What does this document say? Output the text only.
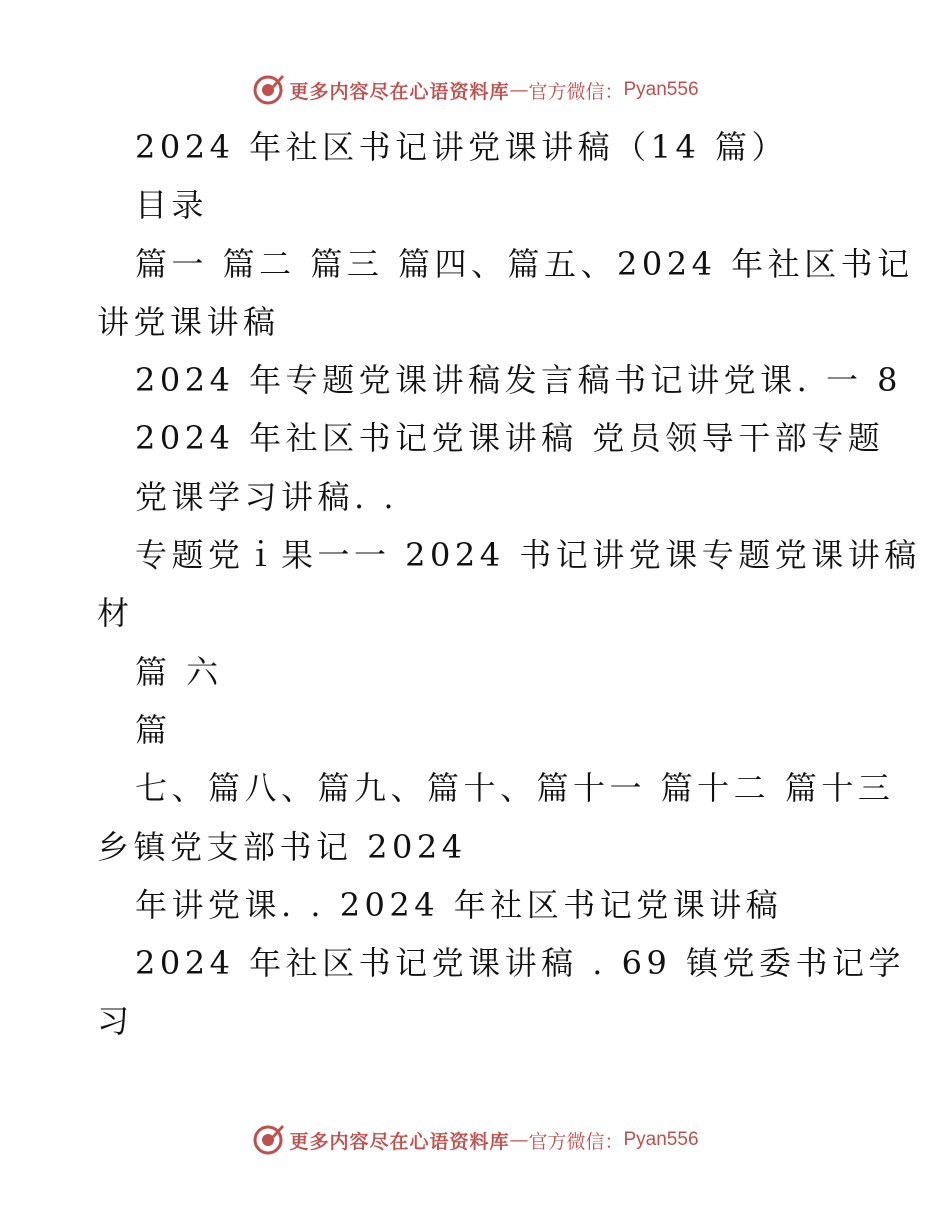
更多内容尽在心语资料库 — 官方微信： Pyan556
2024 年社区书记讲党课讲稿（14 篇）
目录
篇一 篇二 篇三 篇四、篇五、2024 年社区书记
讲党课讲稿
2024 年专题党课讲稿发言稿书记讲党课. 一 8
2024 年社区书记党课讲稿 党员领导干部专题
党课学习讲稿. .
专题党ｉ果一一 2024 书记讲党课专题党课讲稿
材
篇 六
篇
七、篇八、篇九、篇十、篇十一 篇十二 篇十三
乡镇党支部书记 2024
年讲党课. . 2024 年社区书记党课讲稿
2024 年社区书记党课讲稿 . 69 镇党委书记学
习
更多内容尽在心语资料库 — 官方微信： Pyan556
